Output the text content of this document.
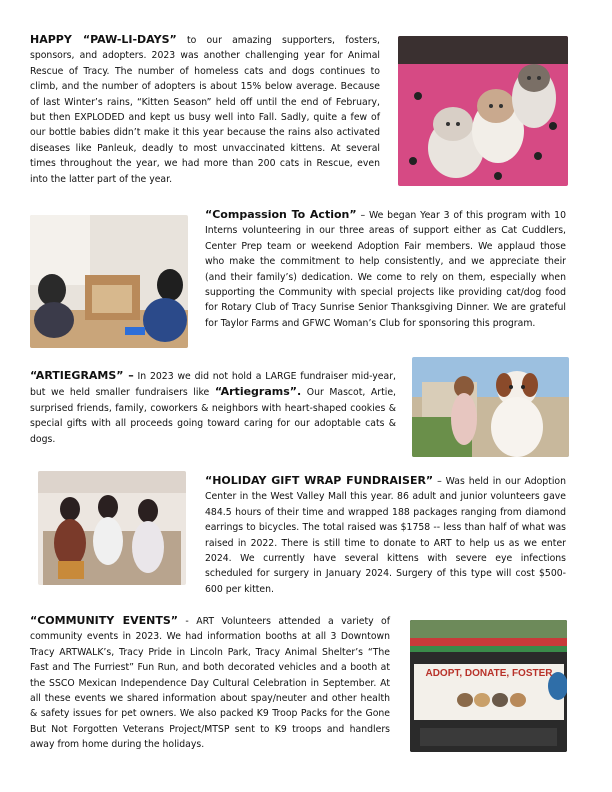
HAPPY “PAW-LI-DAYS” to our amazing supporters, fosters, sponsors, and adopters. 2023 was another challenging year for Animal Rescue of Tracy. The number of homeless cats and dogs continues to climb, and the number of adopters is about 15% below average. Because of last Winter’s rains, “Kitten Season” held off until the end of February, but then EXPLODED and kept us busy well into Fall. Sadly, quite a few of our bottle babies didn’t make it this year because the rains also activated diseases like Panleuk, deadly to most unvaccinated kittens. At several times throughout the year, we had more than 200 cats in Rescue, even into the latter part of the year.
“Compassion To Action” – We began Year 3 of this program with 10 Interns volunteering in our three areas of support either as Cat Cuddlers, Center Prep team or weekend Adoption Fair members. We applaud those who make the commitment to help consistently, and we appreciate their (and their family’s) dedication. We come to rely on them, especially when supporting the Community with special projects like providing cat/dog food for Rotary Club of Tracy Sunrise Senior Thanksgiving Dinner. We are grateful for Taylor Farms and GFWC Woman’s Club for sponsoring this program.
“ARTIEGRAMS” – In 2023 we did not hold a LARGE fundraiser mid-year, but we held smaller fundraisers like “Artiegrams”. Our Mascot, Artie, surprised friends, family, coworkers & neighbors with heart-shaped cookies & special gifts with all proceeds going toward caring for our adoptable cats & dogs.
“HOLIDAY GIFT WRAP FUNDRAISER” – Was held in our Adoption Center in the West Valley Mall this year. 86 adult and junior volunteers gave 484.5 hours of their time and wrapped 188 packages ranging from diamond earrings to bicycles. The total raised was $1758 -- less than half of what was raised in 2022. There is still time to donate to ART to help us as we enter 2024. We currently have several kittens with severe eye infections scheduled for surgery in January 2024. Surgery of this type will cost $500-600 per kitten.
“COMMUNITY EVENTS” - ART Volunteers attended a variety of community events in 2023. We had information booths at all 3 Downtown Tracy ARTWALK’s, Tracy Pride in Lincoln Park, Tracy Animal Shelter’s “The Fast and The Furriest” Fun Run, and both decorated vehicles and a booth at the SSCO Mexican Independence Day Cultural Celebration in September. At all these events we shared information about spay/neuter and other health & safety issues for pet owners. We also packed K9 Troop Packs for the Gone But Not Forgotten Veterans Project/MTSP sent to K9 troops and handlers away from home during the holidays.
ADOPT, DONATE, FOSTER
